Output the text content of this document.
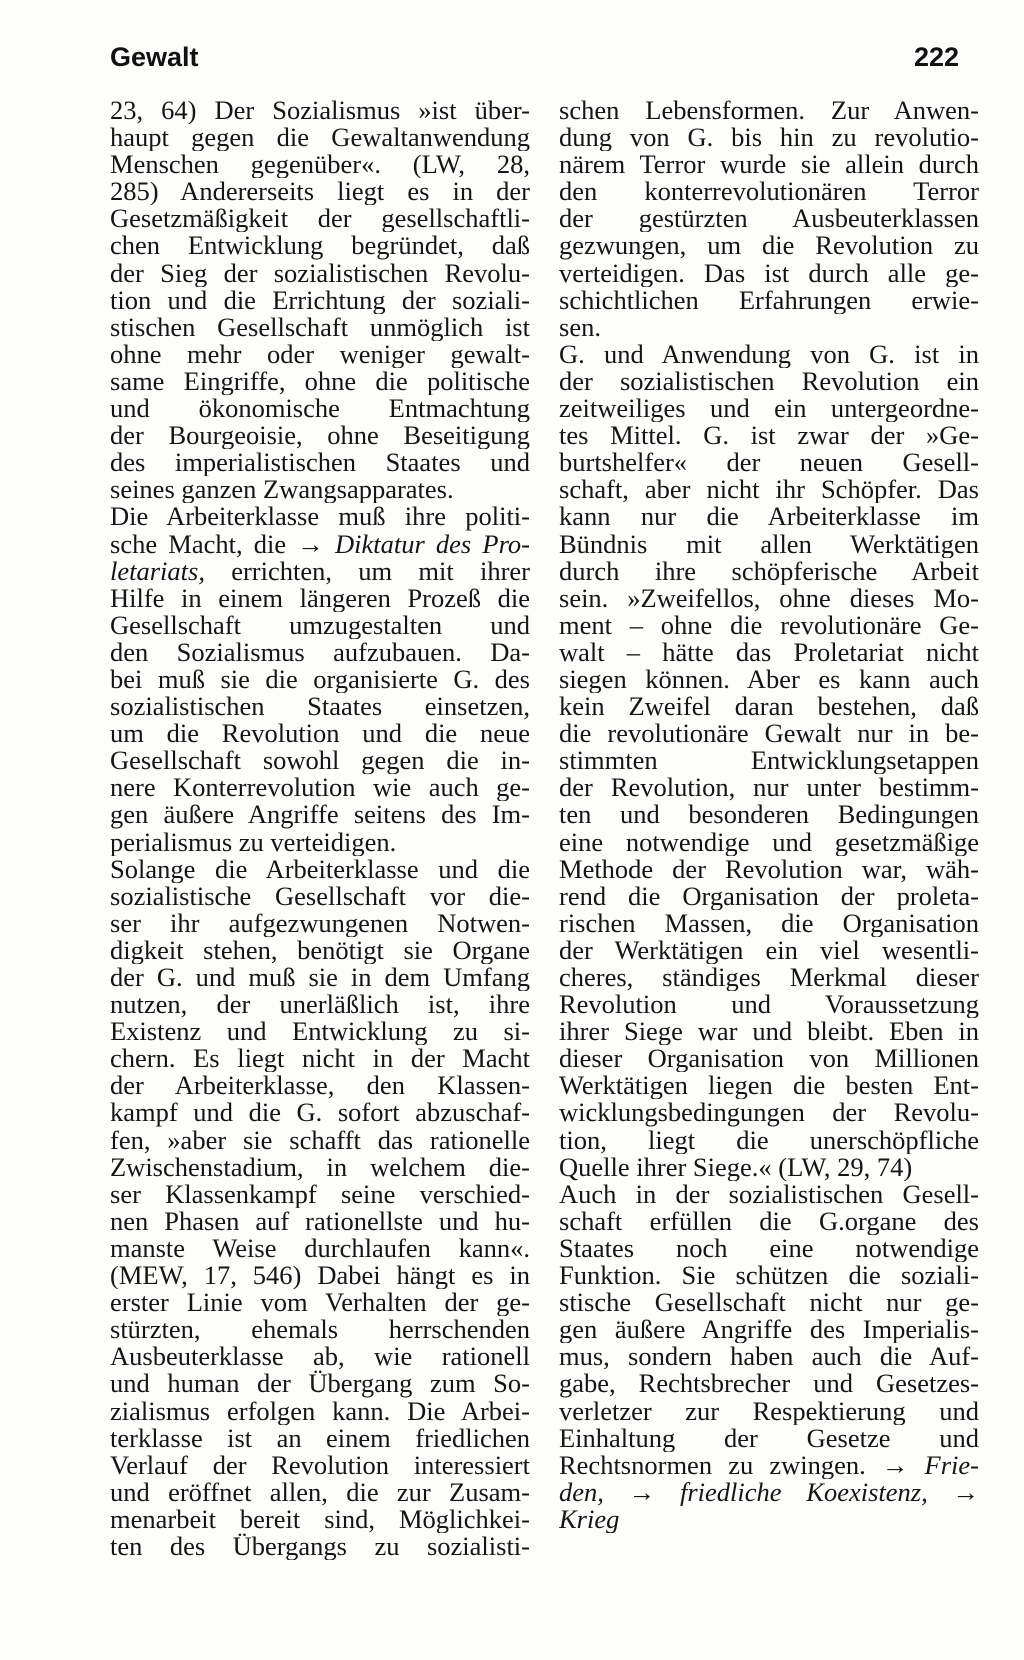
Gewalt	222
23, 64) Der Sozialismus »ist über-
haupt gegen die Gewaltanwendung
Menschen gegenüber«. (LW, 28,
285) Andererseits liegt es in der
Gesetzmäßigkeit der gesellschaftli-
chen Entwicklung begründet, daß
der Sieg der sozialistischen Revolu-
tion und die Errichtung der soziali-
stischen Gesellschaft unmöglich ist
ohne mehr oder weniger gewalt-
same Eingriffe, ohne die politische
und ökonomische Entmachtung
der Bourgeoisie, ohne Beseitigung
des imperialistischen Staates und
seines ganzen Zwangsapparates.
Die Arbeiterklasse muß ihre politi-
sche Macht, die → Diktatur des Pro-
letariats, errichten, um mit ihrer
Hilfe in einem längeren Prozeß die
Gesellschaft umzugestalten und
den Sozialismus aufzubauen. Da-
bei muß sie die organisierte G. des
sozialistischen Staates einsetzen,
um die Revolution und die neue
Gesellschaft sowohl gegen die in-
nere Konterrevolution wie auch ge-
gen äußere Angriffe seitens des Im-
perialismus zu verteidigen.
Solange die Arbeiterklasse und die
sozialistische Gesellschaft vor die-
ser ihr aufgezwungenen Notwen-
digkeit stehen, benötigt sie Organe
der G. und muß sie in dem Umfang
nutzen, der unerläßlich ist, ihre
Existenz und Entwicklung zu si-
chern. Es liegt nicht in der Macht
der Arbeiterklasse, den Klassen-
kampf und die G. sofort abzuschaf-
fen, »aber sie schafft das rationelle
Zwischenstadium, in welchem die-
ser Klassenkampf seine verschied-
nen Phasen auf rationellste und hu-
manste Weise durchlaufen kann«.
(MEW, 17, 546) Dabei hängt es in
erster Linie vom Verhalten der ge-
stürzten, ehemals herrschenden
Ausbeuterklasse ab, wie rationell
und human der Übergang zum So-
zialismus erfolgen kann. Die Arbei-
terklasse ist an einem friedlichen
Verlauf der Revolution interessiert
und eröffnet allen, die zur Zusam-
menarbeit bereit sind, Möglichkei-
ten des Übergangs zu sozialisti-
schen Lebensformen. Zur Anwen-
dung von G. bis hin zu revolutio-
närem Terror wurde sie allein durch
den konterrevolutionären Terror
der gestürzten Ausbeuterklassen
gezwungen, um die Revolution zu
verteidigen. Das ist durch alle ge-
schichtlichen Erfahrungen erwie-
sen.
G. und Anwendung von G. ist in
der sozialistischen Revolution ein
zeitweiliges und ein untergeordne-
tes Mittel. G. ist zwar der »Ge-
burtshelfer« der neuen Gesell-
schaft, aber nicht ihr Schöpfer. Das
kann nur die Arbeiterklasse im
Bündnis mit allen Werktätigen
durch ihre schöpferische Arbeit
sein. »Zweifellos, ohne dieses Mo-
ment – ohne die revolutionäre Ge-
walt – hätte das Proletariat nicht
siegen können. Aber es kann auch
kein Zweifel daran bestehen, daß
die revolutionäre Gewalt nur in be-
stimmten Entwicklungsetappen
der Revolution, nur unter bestimm-
ten und besonderen Bedingungen
eine notwendige und gesetzmäßige
Methode der Revolution war, wäh-
rend die Organisation der proleta-
rischen Massen, die Organisation
der Werktätigen ein viel wesentli-
cheres, ständiges Merkmal dieser
Revolution und Voraussetzung
ihrer Siege war und bleibt. Eben in
dieser Organisation von Millionen
Werktätigen liegen die besten Ent-
wicklungsbedingungen der Revolu-
tion, liegt die unerschöpfliche
Quelle ihrer Siege.« (LW, 29, 74)
Auch in der sozialistischen Gesell-
schaft erfüllen die G.organe des
Staates noch eine notwendige
Funktion. Sie schützen die soziali-
stische Gesellschaft nicht nur ge-
gen äußere Angriffe des Imperialis-
mus, sondern haben auch die Auf-
gabe, Rechtsbrecher und Gesetzes-
verletzer zur Respektierung und
Einhaltung der Gesetze und
Rechtsnormen zu zwingen. → Frie-
den, → friedliche Koexistenz, →
Krieg
